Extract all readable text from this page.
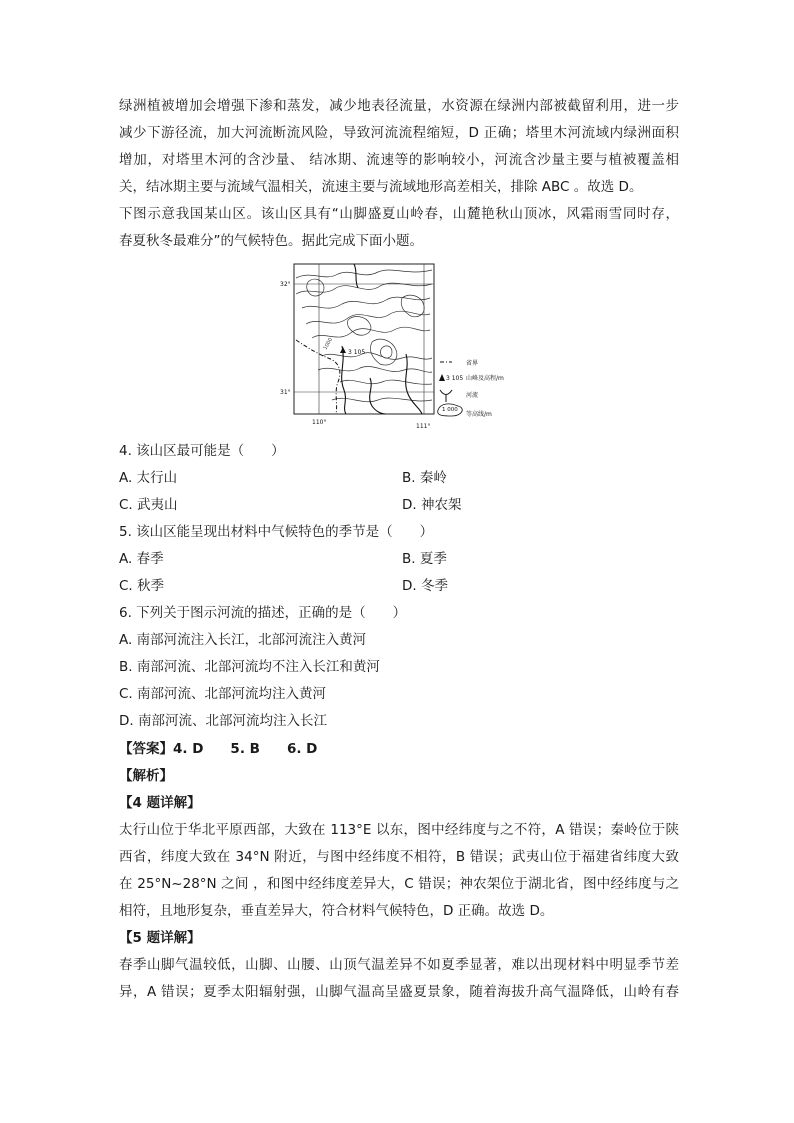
绿洲植被增加会增强下渗和蒸发，减少地表径流量，水资源在绿洲内部被截留利用，进一步
减少下游径流，加大河流断流风险，导致河流流程缩短，D 正确；塔里木河流域内绿洲面积
增加，对塔里木河的含沙量、 结冰期、流速等的影响较小，河流含沙量主要与植被覆盖相
关，结冰期主要与流域气温相关，流速主要与流域地形高差相关，排除 ABC 。故选 D。
下图示意我国某山区。该山区具有“山脚盛夏山岭春，山麓艳秋山顶冰，风霜雨雪同时存，
春夏秋冬最难分”的气候特色。据此完成下面小题。
3 105
1000
32°
31°
110°
111°
省界
3 105 山峰及高程/m
河流
1 000
等高线/m
4. 该山区最可能是（　　）
A. 太行山	B. 秦岭
C. 武夷山	D. 神农架
5. 该山区能呈现出材料中气候特色的季节是（　　）
A. 春季	B. 夏季
C. 秋季	D. 冬季
6. 下列关于图示河流的描述，正确的是（　　）
A. 南部河流注入长江，北部河流注入黄河
B. 南部河流、北部河流均不注入长江和黄河
C. 南部河流、北部河流均注入黄河
D. 南部河流、北部河流均注入长江
【答案】4. D　　5. B　　6. D
【解析】
【4 题详解】
太行山位于华北平原西部，大致在 113°E 以东，图中经纬度与之不符，A 错误；秦岭位于陕
西省，纬度大致在 34°N 附近，与图中经纬度不相符，B 错误；武夷山位于福建省纬度大致
在 25°N~28°N 之间 ，和图中经纬度差异大，C 错误；神农架位于湖北省，图中经纬度与之
相符，且地形复杂，垂直差异大，符合材料气候特色，D 正确。故选 D。
【5 题详解】
春季山脚气温较低，山脚、山腰、山顶气温差异不如夏季显著，难以出现材料中明显季节差
异，A 错误；夏季太阳辐射强，山脚气温高呈盛夏景象，随着海拔升高气温降低，山岭有春
